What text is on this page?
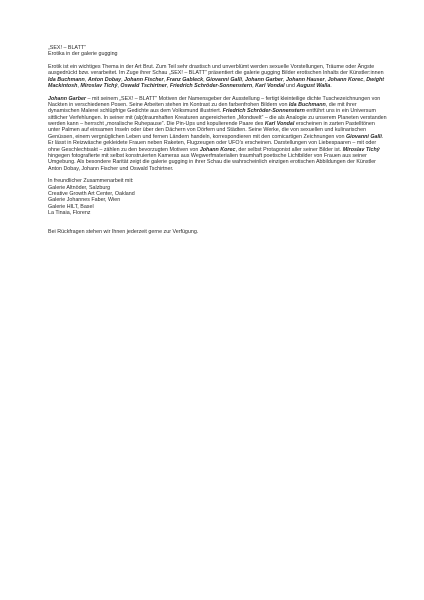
„SEX! – BLATT“

Erotika in der galerie gugging

Erotik ist ein wichtiges Thema in der Art Brut. Zum Teil sehr drastisch und unverblümt werden sexuelle Vorstellungen, Träume oder Ängste ausgedrückt bzw. verarbeitet. Im Zuge ihrer Schau „SEX! – BLATT“ präsentiert die galerie gugging Bilder erotischen Inhalts der Künstler:innen Ida Buchmann, Anton Dobay, Johann Fischer, Franz Gableck, Giovanni Galli, Johann Garber, Johann Hauser, Johann Korec, Dwight Mackintosh, Miroslav Tichý, Oswald Tschirtner, Friedrich Schröder-Sonnenstern, Karl Vondal und August Walla.

Johann Garber – mit seinem „SEX! – BLATT“ Motiven der Namensgeber der Ausstellung – fertigt kleinteilige dichte Tuschezeichnungen von Nackten in verschiedenen Posen. Seine Arbeiten stehen im Kontrast zu den farbenfrohen Bildern von Ida Buchmann, die mit ihrer dynamischen Malerei schlüpfrige Gedichte aus dem Volksmund illustriert. Friedrich Schröder-Sonnenstern entführt uns in ein Universum sittlicher Verfehlungen. In seiner mit (alp)traumhaften Kreaturen angereicherten „Mondwelt“ – die als Analogie zu unserem Planeten verstanden werden kann – herrscht „moralische Ruhepause“. Die Pin-Ups und kopulierende Paare des Karl Vondal erscheinen in zarten Pastelltönen unter Palmen auf einsamen Inseln oder über den Dächern von Dörfern und Städten. Seine Werke, die von sexuellen und kulinarischen Genüssen, einem vergnüglichen Leben und fernen Ländern handeln, korrespondieren mit den comicartigen Zeichnungen von Giovanni Galli. Er lässt in Reizwäsche gekleidete Frauen neben Raketen, Flugzeugen oder UFO’s erscheinen. Darstellungen von Liebespaaren – mit oder ohne Geschlechtsakt – zählen zu den bevorzugten Motiven von Johann Korec, der selbst Protagonist aller seiner Bilder ist. Miroslav Tichý hingegen fotografierte mit selbst konstruierten Kameras aus Wegwerfmaterialien traumhaft poetische Lichtbilder von Frauen aus seiner Umgebung. Als besondere Rarität zeigt die galerie gugging in ihrer Schau die wahrscheinlich einzigen erotischen Abbildungen der Künstler Anton Dobay, Johann Fischer und Oswald Tschirtner.

In freundlicher Zusammenarbeit mit:

Galerie Altnöder, Salzburg

Creative Growth Art Center, Oakland

Galerie Johannes Faber, Wien

Galerie HILT, Basel

La Tinaia, Florenz

Bei Rückfragen stehen wir Ihnen jederzeit gerne zur Verfügung.
